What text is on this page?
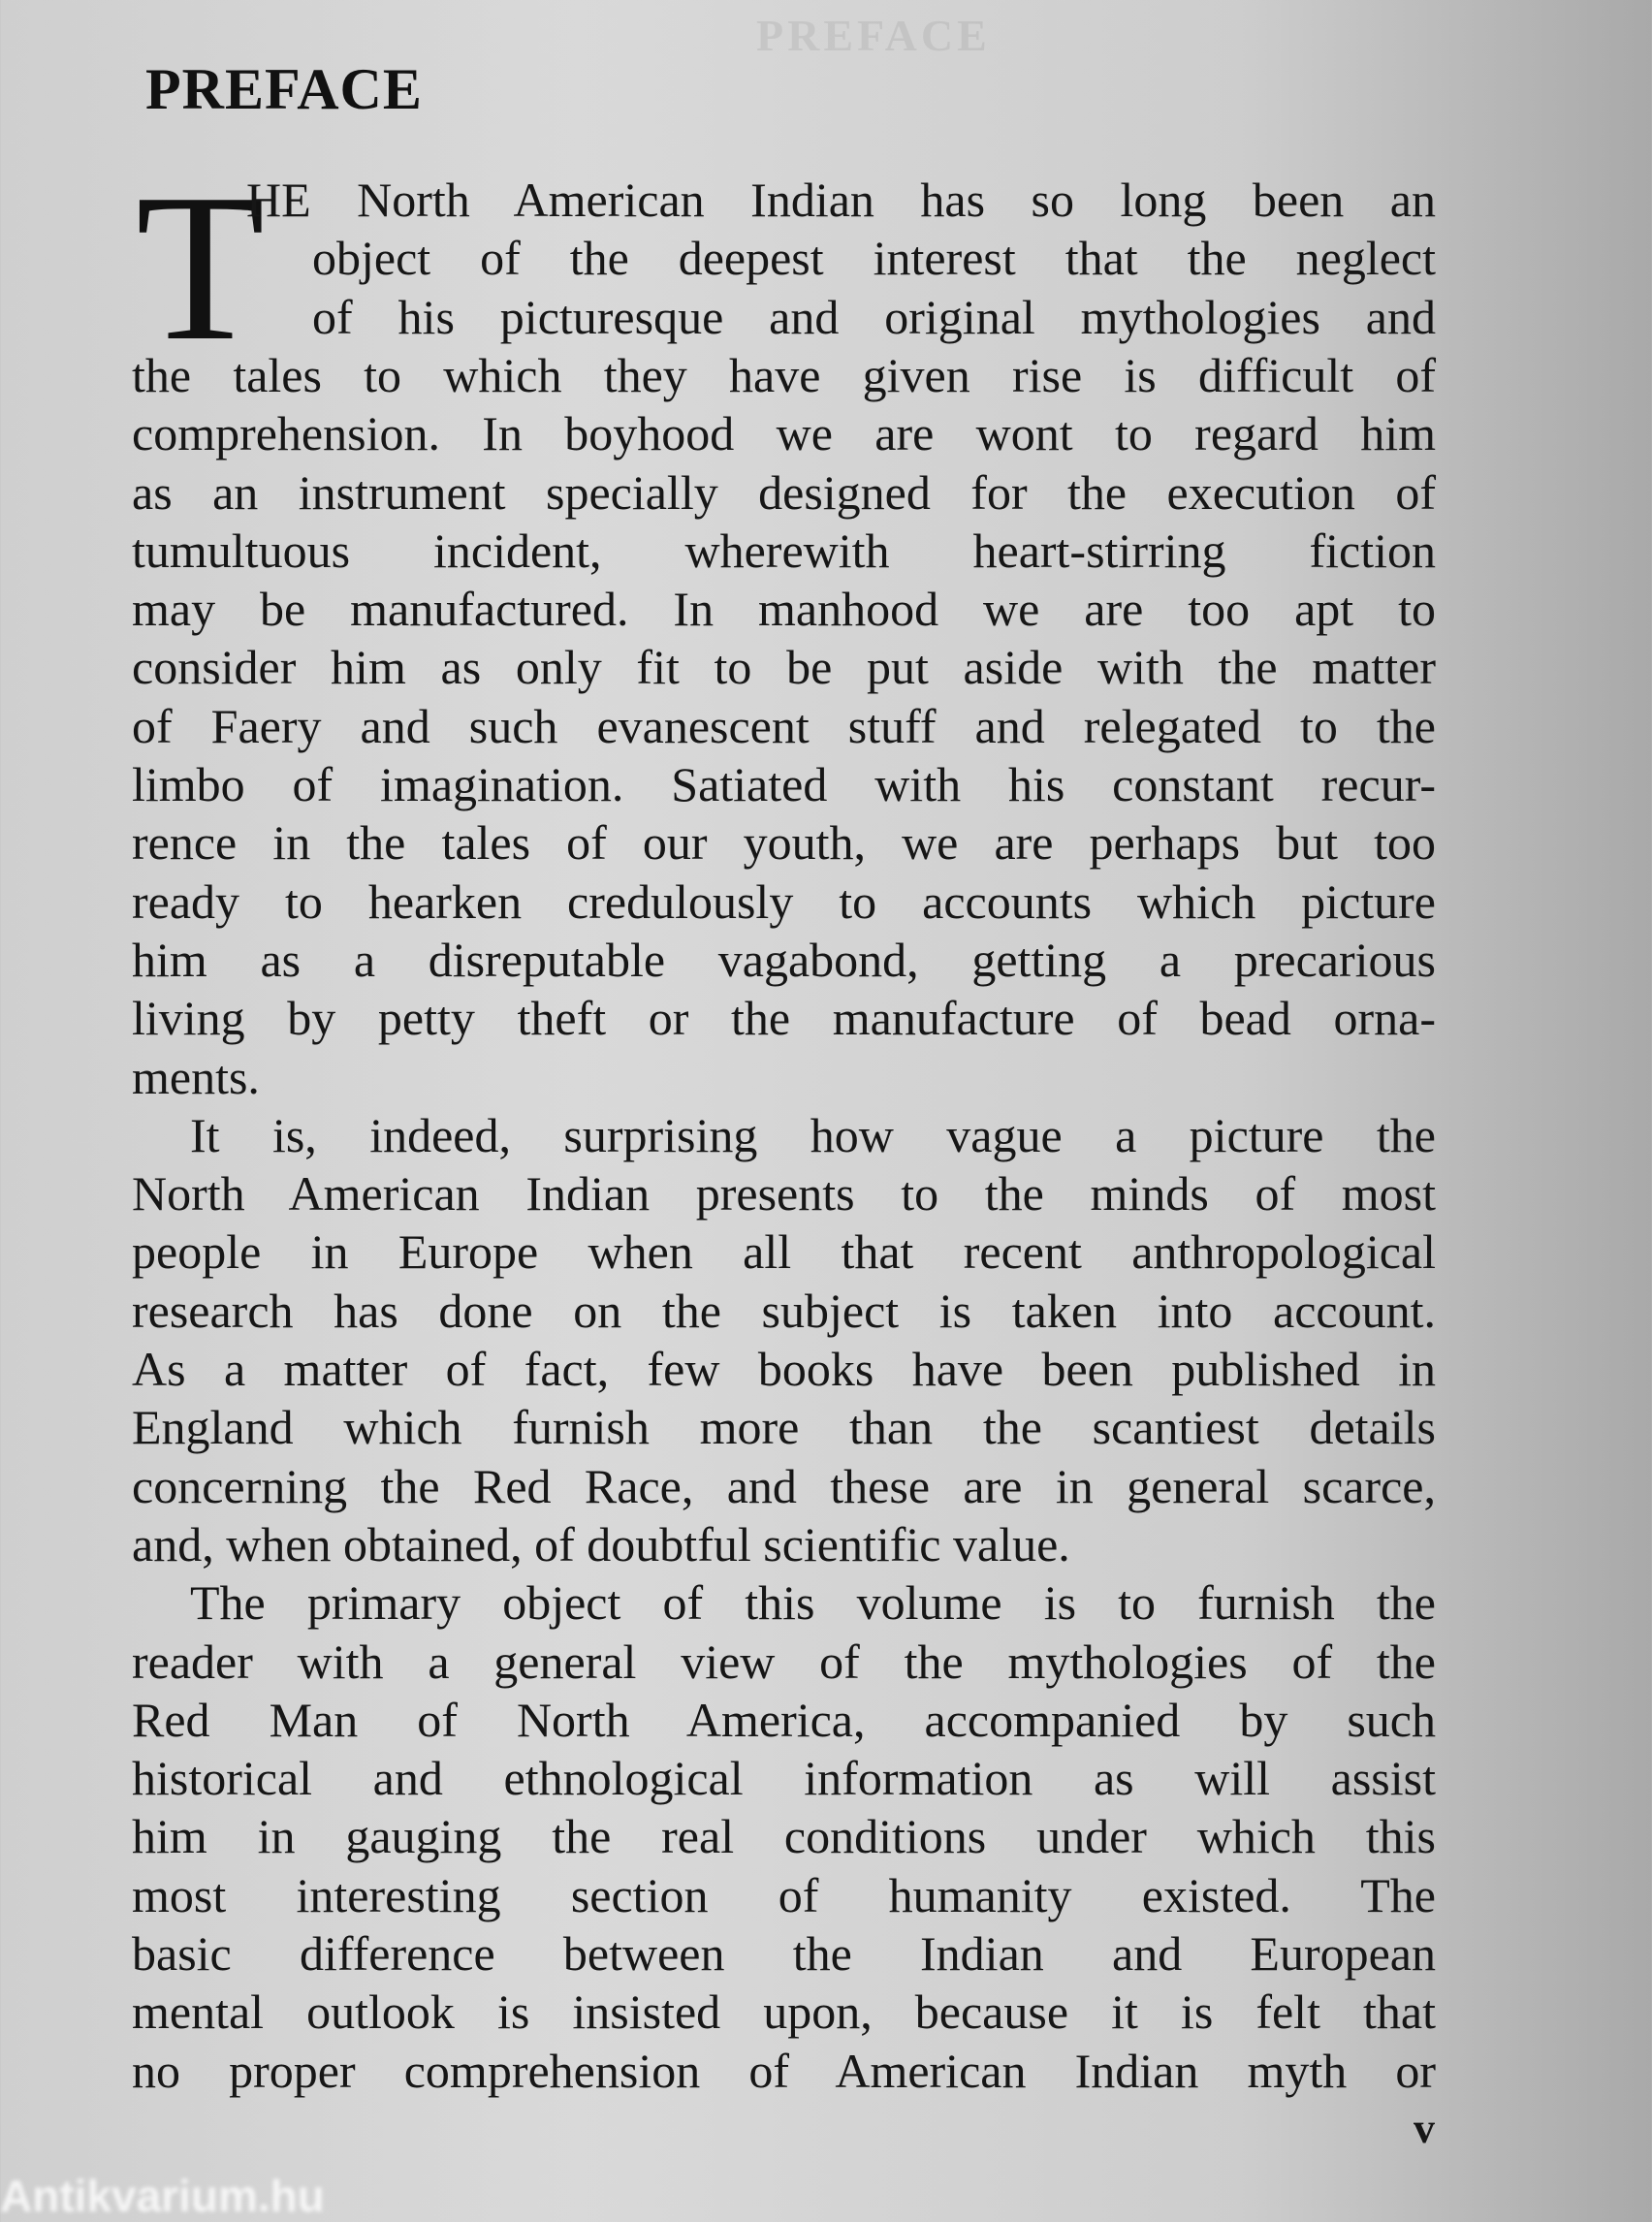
PREFACE
PREFACE
T
HE North American Indian has so long been an
object of the deepest interest that the neglect
of his picturesque and original mythologies and
the tales to which they have given rise is difficult of
comprehension. In boyhood we are wont to regard him
as an instrument specially designed for the execution of
tumultuous incident, wherewith heart-stirring fiction
may be manufactured. In manhood we are too apt to
consider him as only fit to be put aside with the matter
of Faery and such evanescent stuff and relegated to the
limbo of imagination. Satiated with his constant recur-
rence in the tales of our youth, we are perhaps but too
ready to hearken credulously to accounts which picture
him as a disreputable vagabond, getting a precarious
living by petty theft or the manufacture of bead orna-
ments.
It is, indeed, surprising how vague a picture the
North American Indian presents to the minds of most
people in Europe when all that recent anthropological
research has done on the subject is taken into account.
As a matter of fact, few books have been published in
England which furnish more than the scantiest details
concerning the Red Race, and these are in general scarce,
and, when obtained, of doubtful scientific value.
The primary object of this volume is to furnish the
reader with a general view of the mythologies of the
Red Man of North America, accompanied by such
historical and ethnological information as will assist
him in gauging the real conditions under which this
most interesting section of humanity existed. The
basic difference between the Indian and European
mental outlook is insisted upon, because it is felt that
no proper comprehension of American Indian myth or
v
Antikvarium.hu
